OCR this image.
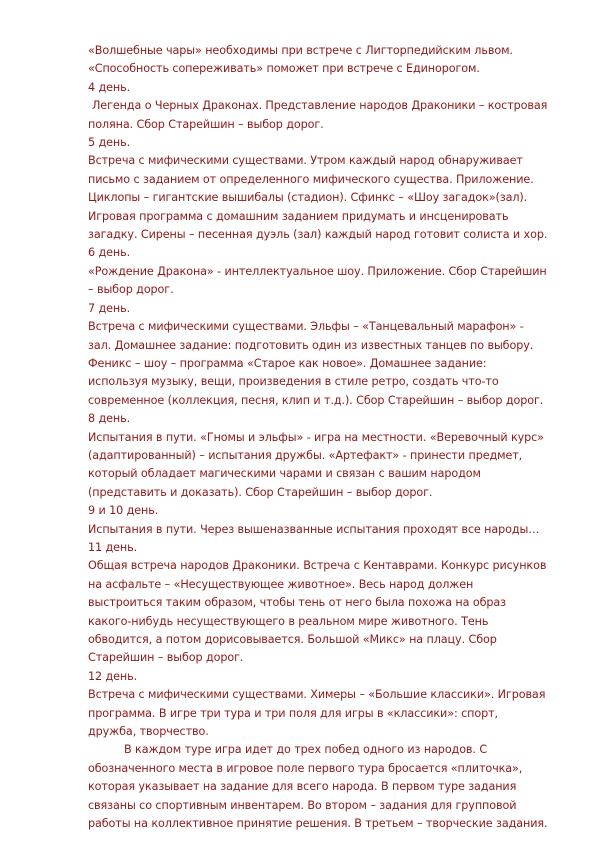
«Волшебные чары» необходимы при встрече с Лигторпедийским львом.

«Способность сопереживать» поможет при встрече с Единорогом.

4 день.

Легенда о Черных Драконах. Представление народов Драконики – костровая поляна. Сбор Старейшин – выбор дорог.

5 день.

Встреча с мифическими существами. Утром каждый народ обнаруживает письмо с заданием от определенного мифического существа. Приложение. Циклопы – гигантские вышибалы (стадион). Сфинкс – «Шоу загадок»(зал). Игровая программа с домашним заданием придумать и инсценировать загадку. Сирены – песенная дуэль (зал) каждый народ готовит солиста и хор.

6 день.

«Рождение Дракона» - интеллектуальное шоу. Приложение. Сбор Старейшин – выбор дорог.

7 день.

Встреча с мифическими существами. Эльфы – «Танцевальный марафон» - зал. Домашнее задание: подготовить один из известных танцев по выбору. Феникс – шоу – программа «Старое как новое». Домашнее задание: используя музыку, вещи, произведения в стиле ретро, создать что-то современное (коллекция, песня, клип и т.д.). Сбор Старейшин – выбор дорог.

8 день.

Испытания в пути. «Гномы и эльфы» - игра на местности. «Веревочный курс» (адаптированный) – испытания дружбы. «Артефакт» - принести предмет, который обладает магическими чарами и связан с вашим народом (представить и доказать). Сбор Старейшин – выбор дорог.

9 и 10 день.

Испытания в пути. Через вышеназванные испытания проходят все народы…

11 день.

Общая встреча народов Драконики. Встреча с Кентаврами. Конкурс рисунков на асфальте – «Несуществующее животное». Весь народ должен выстроиться таким образом, чтобы тень от него была похожа на образ какого-нибудь несуществующего в реальном мире животного. Тень обводится, а потом дорисовывается. Большой «Микс» на плацу. Сбор Старейшин – выбор дорог.

12 день.

Встреча с мифическими существами. Химеры – «Большие классики». Игровая программа. В игре три тура и три поля для игры в «классики»: спорт, дружба, творчество.

В каждом туре игра идет до трех побед одного из народов. С обозначенного места в игровое поле первого тура бросается «плиточка», которая указывает на задание для всего народа. В первом туре задания связаны со спортивным инвентарем. Во втором – задания для групповой работы на коллективное принятие решения. В третьем – творческие задания.
